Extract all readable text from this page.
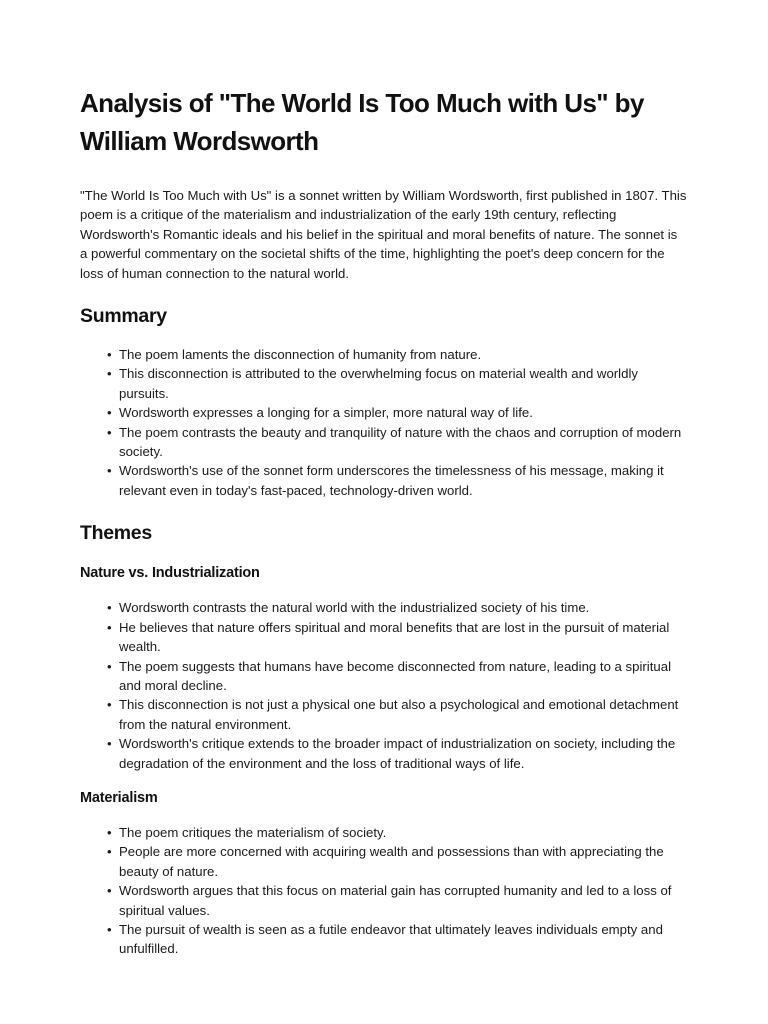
Analysis of "The World Is Too Much with Us" by William Wordsworth

"The World Is Too Much with Us" is a sonnet written by William Wordsworth, first published in 1807. This poem is a critique of the materialism and industrialization of the early 19th century, reflecting Wordsworth's Romantic ideals and his belief in the spiritual and moral benefits of nature. The sonnet is a powerful commentary on the societal shifts of the time, highlighting the poet's deep concern for the loss of human connection to the natural world.

Summary
• The poem laments the disconnection of humanity from nature.
• This disconnection is attributed to the overwhelming focus on material wealth and worldly pursuits.
• Wordsworth expresses a longing for a simpler, more natural way of life.
• The poem contrasts the beauty and tranquility of nature with the chaos and corruption of modern society.
• Wordsworth's use of the sonnet form underscores the timelessness of his message, making it relevant even in today's fast-paced, technology-driven world.
Themes
Nature vs. Industrialization
• Wordsworth contrasts the natural world with the industrialized society of his time.
• He believes that nature offers spiritual and moral benefits that are lost in the pursuit of material wealth.
• The poem suggests that humans have become disconnected from nature, leading to a spiritual and moral decline.
• This disconnection is not just a physical one but also a psychological and emotional detachment from the natural environment.
• Wordsworth's critique extends to the broader impact of industrialization on society, including the degradation of the environment and the loss of traditional ways of life.
Materialism
• The poem critiques the materialism of society.
• People are more concerned with acquiring wealth and possessions than with appreciating the beauty of nature.
• Wordsworth argues that this focus on material gain has corrupted humanity and led to a loss of spiritual values.
• The pursuit of wealth is seen as a futile endeavor that ultimately leaves individuals empty and unfulfilled.
